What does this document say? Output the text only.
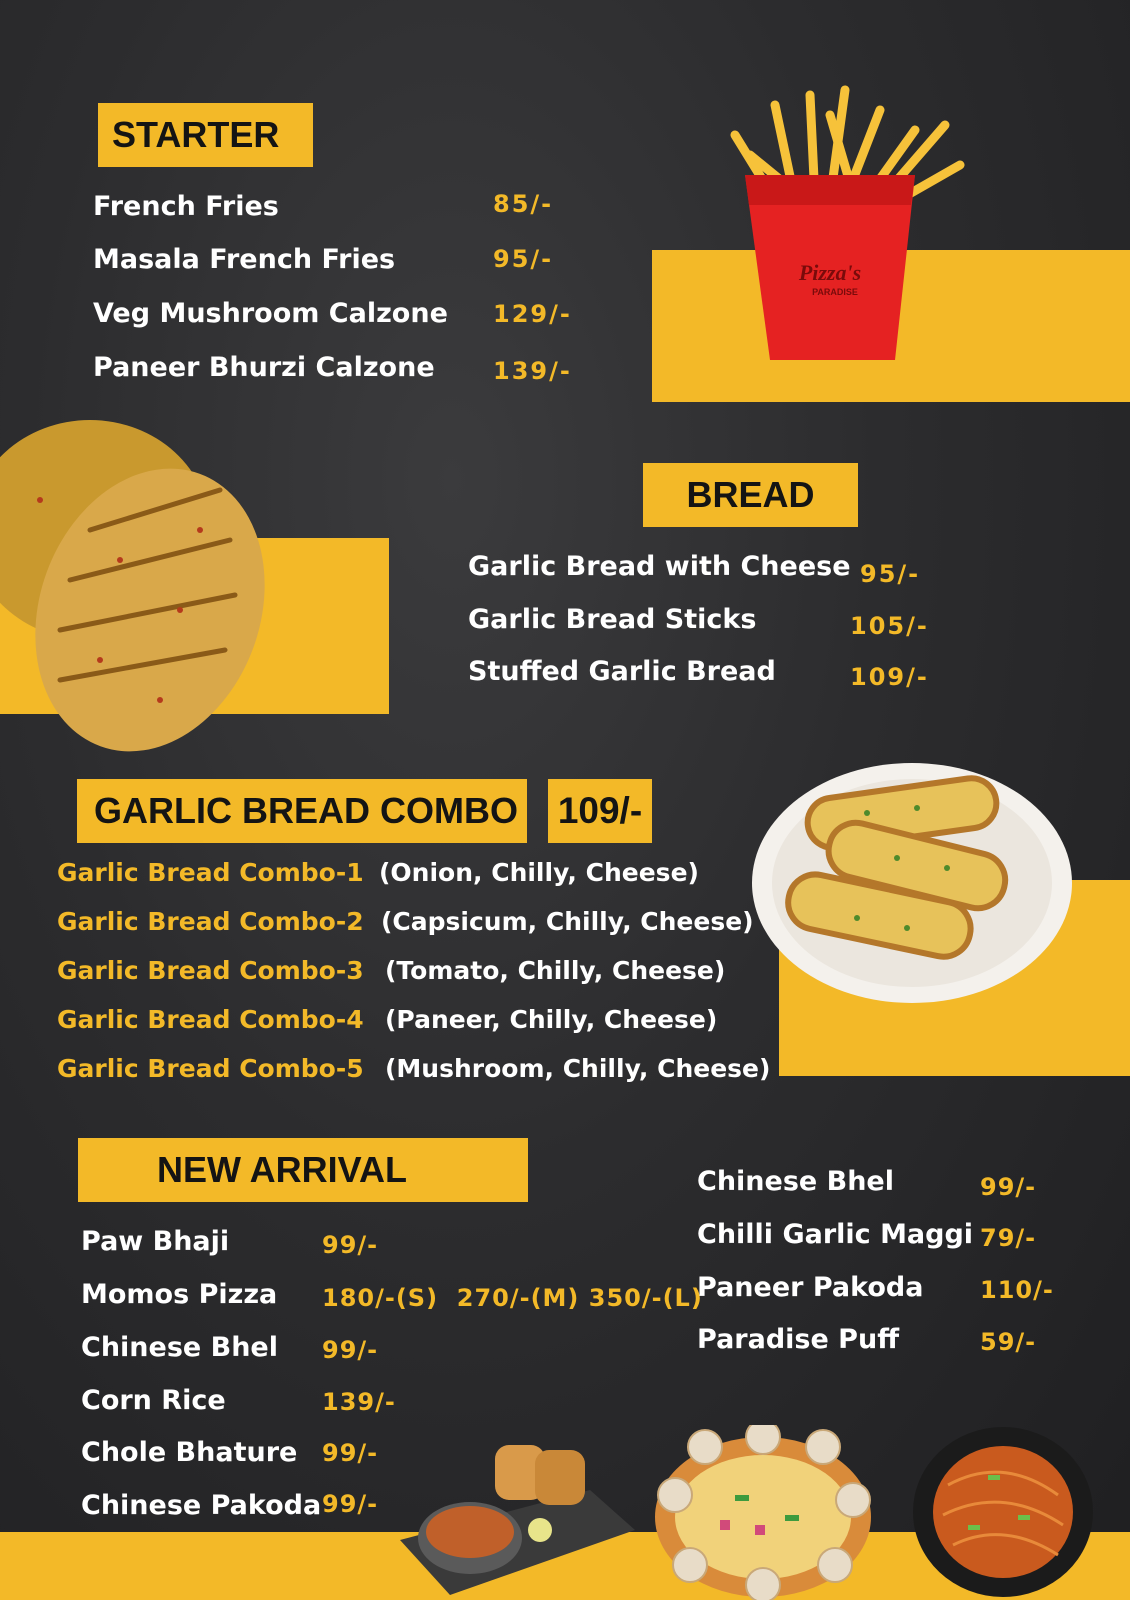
Pizza's
PARADISE
STARTER
BREAD
GARLIC BREAD COMBO 109/-
NEW ARRIVAL
French Fries	85/-
Masala French Fries	95/-
Veg Mushroom Calzone 129/-
Paneer Bhurzi Calzone 139/-
Garlic Bread with Cheese 95/-
Garlic Bread Sticks	105/-
Stuffed Garlic Bread	109/-
Garlic Bread Combo-1 (Onion, Chilly, Cheese)
Garlic Bread Combo-2 (Capsicum, Chilly, Cheese)
Garlic Bread Combo-3 (Tomato, Chilly, Cheese)
Garlic Bread Combo-4 (Paneer, Chilly, Cheese)
Garlic Bread Combo-5 (Mushroom, Chilly, Cheese)
Paw Bhaji	99/-
Momos Pizza 180/-(S)  270/-(M) 350/-(L)
Chinese Bhel 99/-
Corn Rice	139/-
Chole Bhature 99/-
Chinese Pakoda 99/-
Chinese Bhel	99/-
Chilli Garlic Maggi 79/-
Paneer Pakoda 110/-
Paradise Puff	59/-
